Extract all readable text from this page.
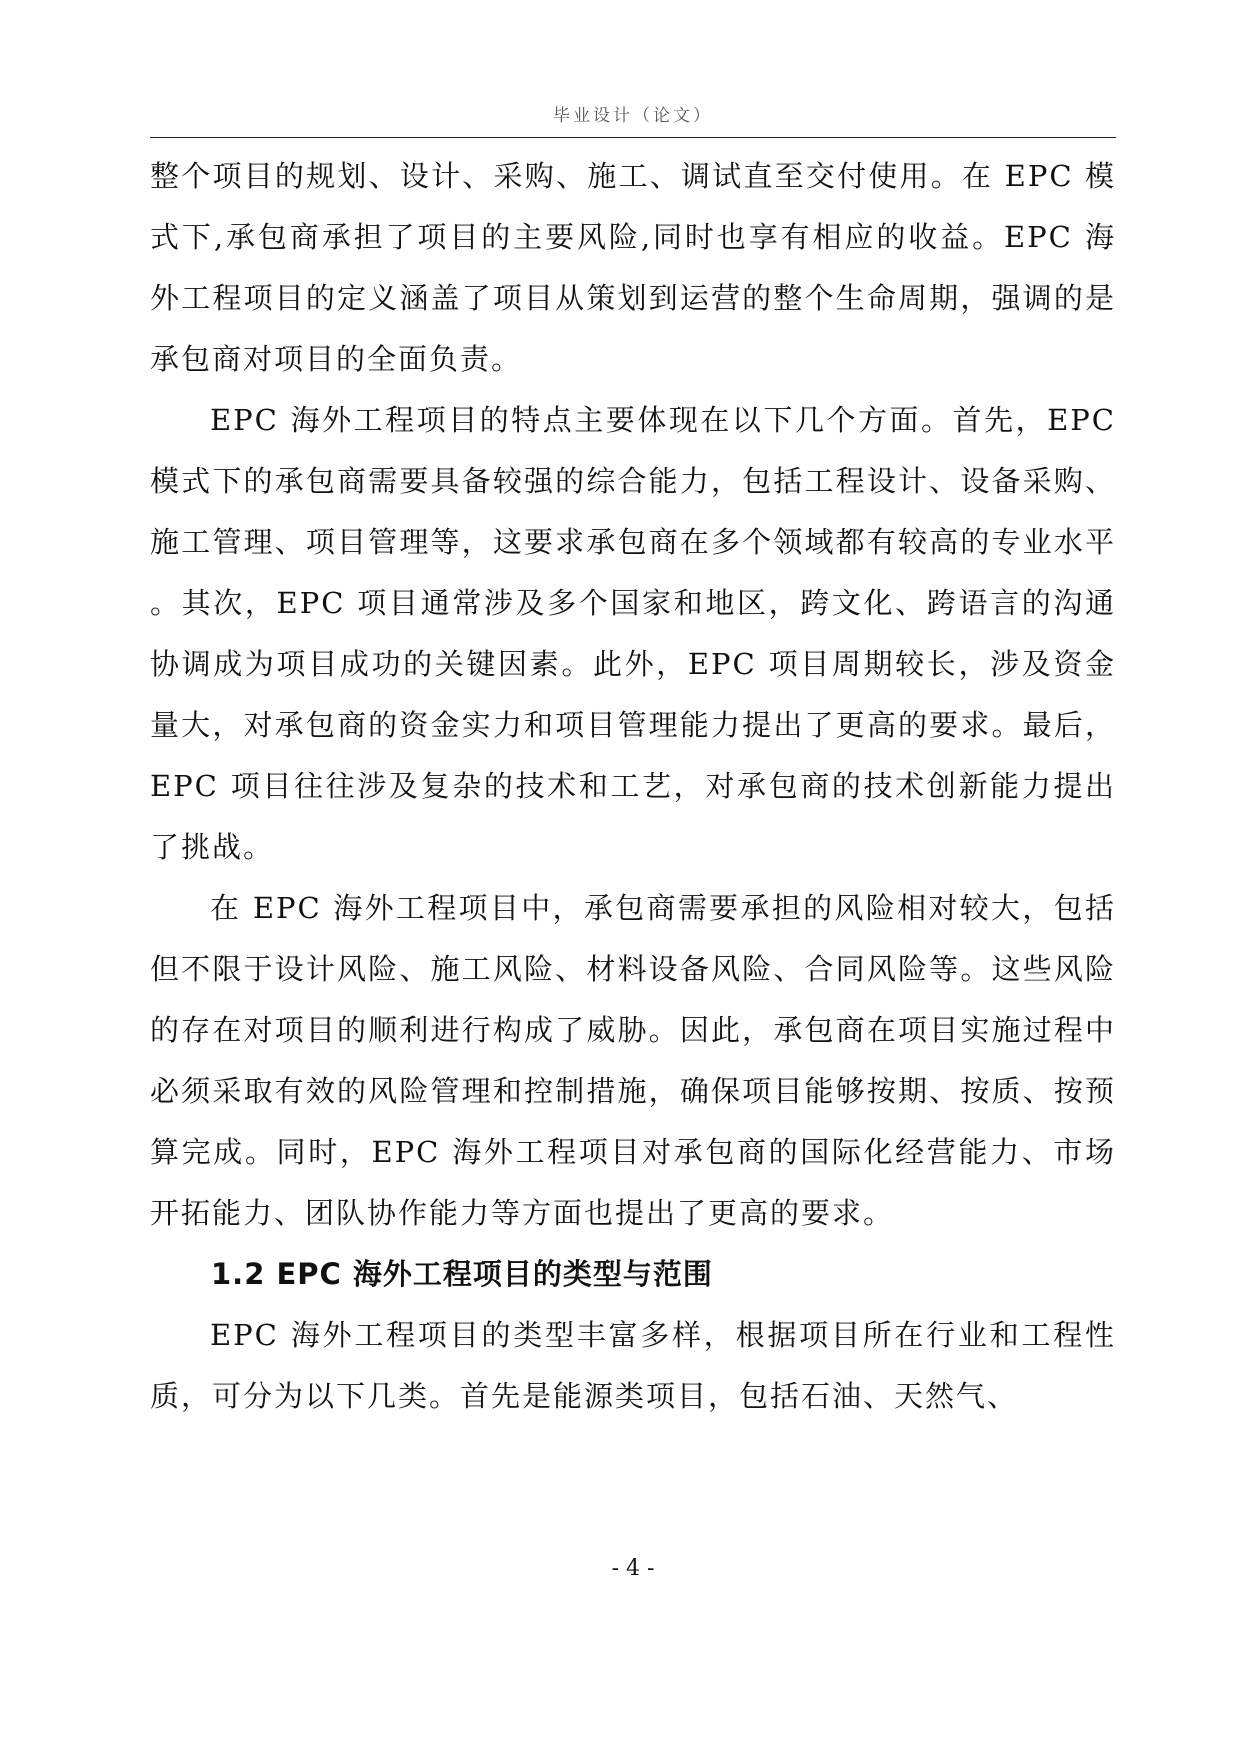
毕业设计（论文）

整个项目的规划、设计、采购、施工、调试直至交付使用。在 EPC 模式下,承包商承担了项目的主要风险,同时也享有相应的收益。EPC 海外工程项目的定义涵盖了项目从策划到运营的整个生命周期，强调的是承包商对项目的全面负责。

EPC 海外工程项目的特点主要体现在以下几个方面。首先，EPC 模式下的承包商需要具备较强的综合能力，包括工程设计、设备采购、施工管理、项目管理等，这要求承包商在多个领域都有较高的专业水平。其次，EPC 项目通常涉及多个国家和地区，跨文化、跨语言的沟通协调成为项目成功的关键因素。此外，EPC 项目周期较长，涉及资金量大，对承包商的资金实力和项目管理能力提出了更高的要求。最后，EPC 项目往往涉及复杂的技术和工艺，对承包商的技术创新能力提出了挑战。

在 EPC 海外工程项目中，承包商需要承担的风险相对较大，包括但不限于设计风险、施工风险、材料设备风险、合同风险等。这些风险的存在对项目的顺利进行构成了威胁。因此，承包商在项目实施过程中必须采取有效的风险管理和控制措施，确保项目能够按期、按质、按预算完成。同时，EPC 海外工程项目对承包商的国际化经营能力、市场开拓能力、团队协作能力等方面也提出了更高的要求。

1.2 EPC 海外工程项目的类型与范围

EPC 海外工程项目的类型丰富多样，根据项目所在行业和工程性质，可分为以下几类。首先是能源类项目，包括石油、天然气、

- 4 -
